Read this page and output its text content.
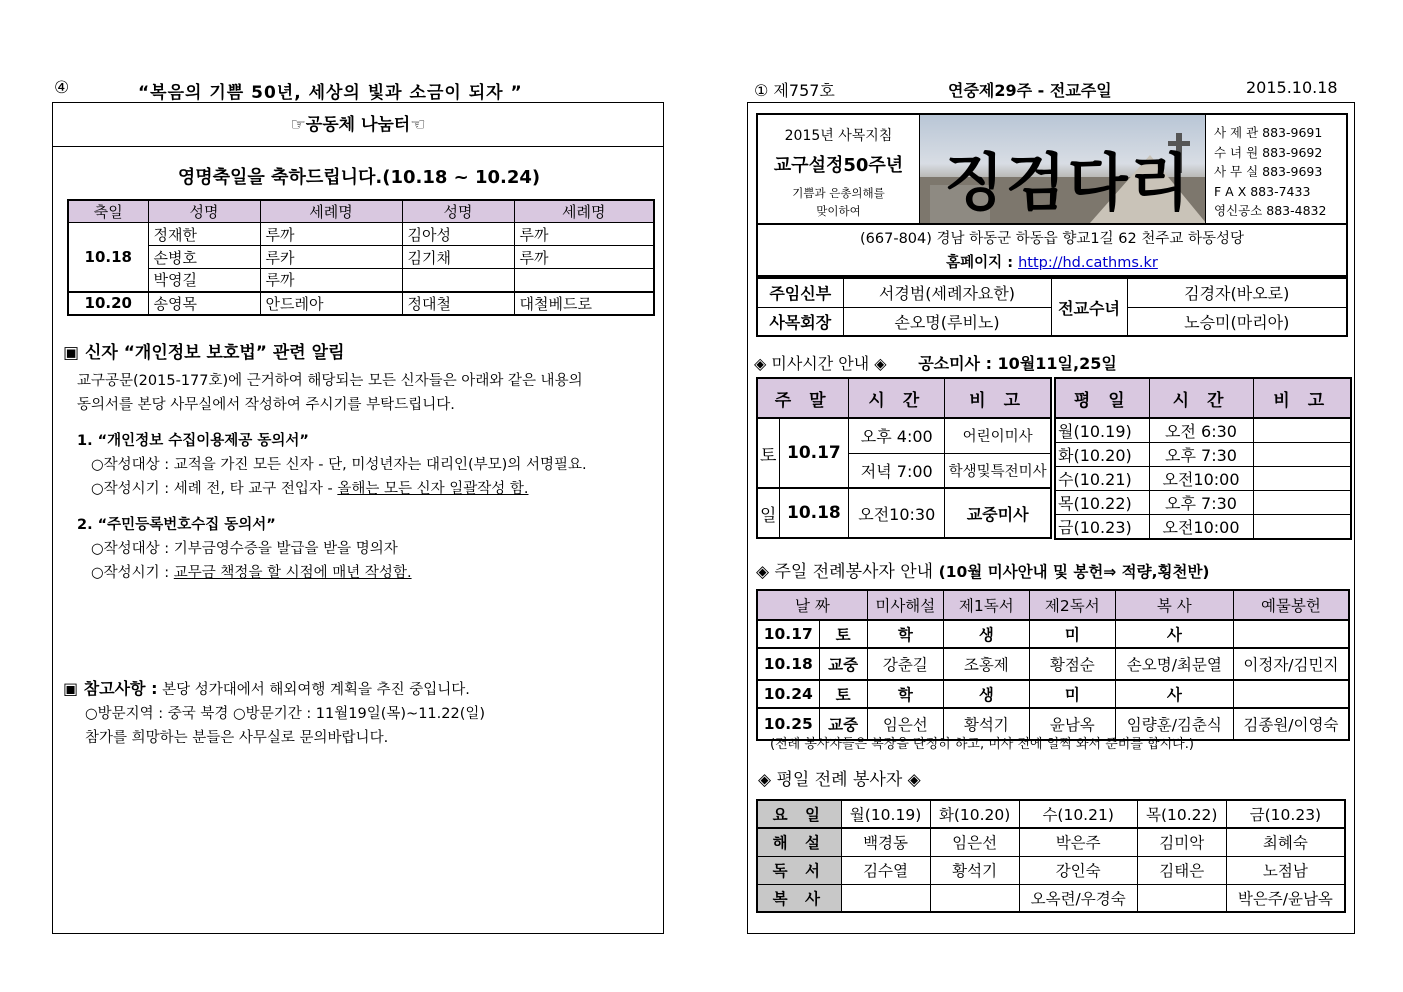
④	“복음의 기쁨 50년, 세상의 빛과 소금이 되자 ”
☞공동체 나눔터☜
영명축일을 축하드립니다.(10.18 ~ 10.24)
축일	성명	세례명	성명	세례명
10.18	정재한	루까	김아성	루까
	손병호	루카	김기채	루까
	박영길	루까		
10.20	송영목	안드레아	정대철	대철베드로
▣ 신자 “개인정보 보호법” 관련 알림
교구공문(2015-177호)에 근거하여 해당되는 모든 신자들은 아래와 같은 내용의
동의서를 본당 사무실에서 작성하여 주시기를 부탁드립니다.
1. “개인정보 수집이용제공 동의서”
○작성대상 : 교적을 가진 모든 신자 - 단, 미성년자는 대리인(부모)의 서명필요.
○작성시기 : 세례 전, 타 교구 전입자 - 올해는 모든 신자 일괄작성 함.
2. “주민등록번호수집 동의서”
○작성대상 : 기부금영수증을 발급을 받을 명의자
○작성시기 : 교무금 책정을 할 시점에 매년 작성함.
▣ 참고사항 : 본당 성가대에서 해외여행 계획을 추진 중입니다.
○방문지역 : 중국 북경 ○방문기간 : 11월19일(목)~11.22(일)
참가를 희망하는 분들은 사무실로 문의바랍니다.
① 제757호	연중제29주 - 전교주일	2015.10.18
2015년 사목지침
교구설정50주년
기쁨과 은총의해를
맞이하여	징검다리
사 제 관 883-9691
수 녀 원 883-9692
사 무 실 883-9693
F A X 883-7433
영신공소 883-4832
(667-804) 경남 하동군 하동읍 향교1길 62 천주교 하동성당
홈페이지 : http://hd.cathms.kr
주임신부	서경범(세례자요한)	전교수녀	김경자(바오로)
사목회장	손오명(루비노)		노승미(마리아)
◈ 미사시간 안내 ◈ 공소미사 : 10월11일,25일
주 말		시 간	비 고
토	10.17	오후 4:00	어린이미사
		저녁 7:00	학생및특전미사
일	10.18	오전10:30	교중미사
평 일	시 간	비 고
월(10.19)	오전 6:30	
화(10.20)	오후 7:30	
수(10.21)	오전10:00	
목(10.22)	오후 7:30	
금(10.23)	오전10:00	
◈ 주일 전례봉사자 안내 (10월 미사안내 및 봉헌⇒ 적량,횡천반)
날 짜		미사해설	제1독서	제2독서	복 사	예물봉헌
10.17	토	학	생	미	사	
10.18	교중	강춘길	조홍제	황점순	손오명/최문열	이정자/김민지
10.24	토	학	생	미	사	
10.25	교중	임은선	황석기	윤남옥	임량훈/김춘식	김종원/이영숙
(전례 봉사자들은 복장을 단정히 하고, 미사 전에 일찍 와서 준비를 합시다.)
◈ 평일 전례 봉사자 ◈
요 일	월(10.19)	화(10.20)	수(10.21)	목(10.22)	금(10.23)
해 설	백경동	임은선	박은주	김미악	최혜숙
독 서	김수열	황석기	강인숙	김태은	노점남
복 사			오옥련/우경숙		박은주/윤남옥
